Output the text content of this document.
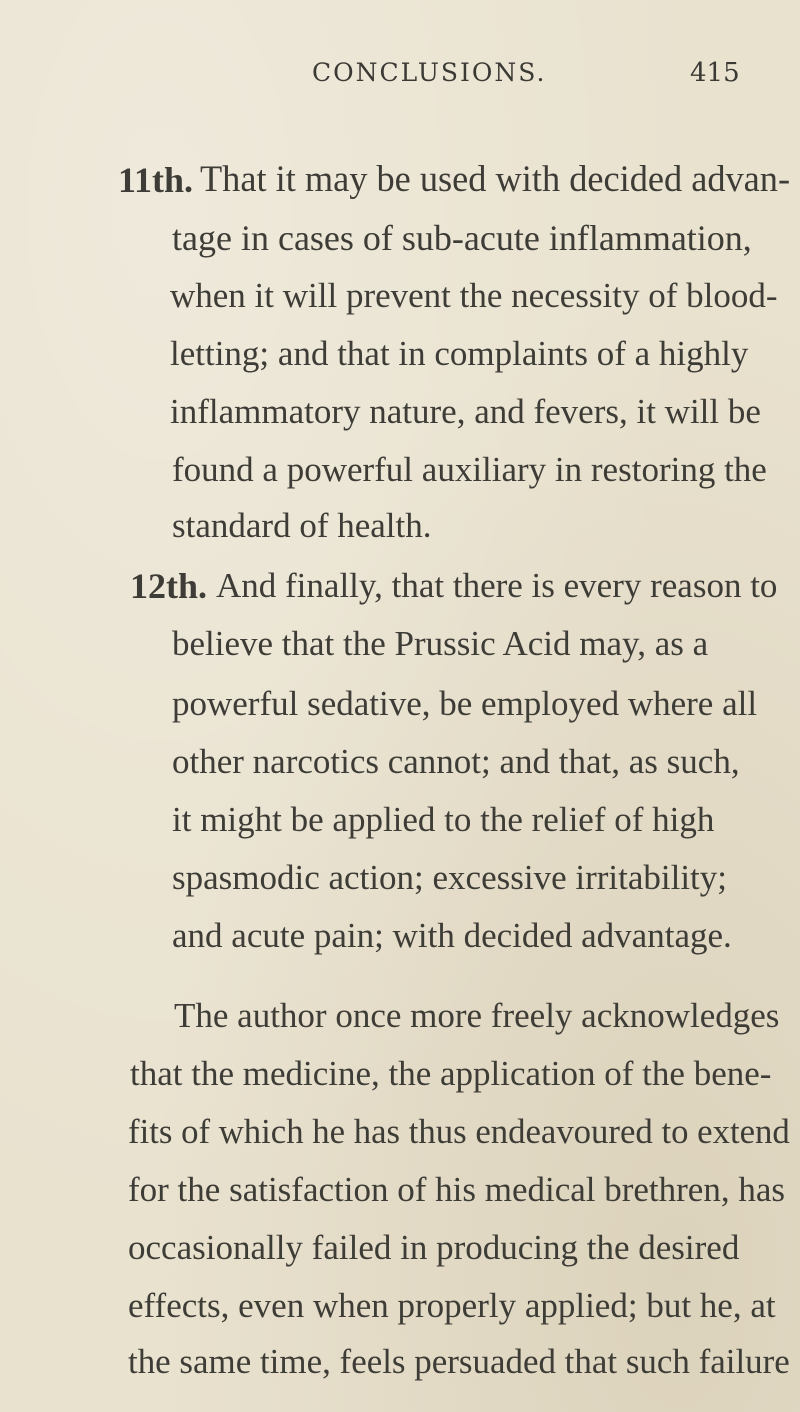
CONCLUSIONS.	415
11th. That it may be used with decided advan-
tage in cases of sub-acute inflammation,
when it will prevent the necessity of blood-
letting; and that in complaints of a highly
inflammatory nature, and fevers, it will be
found a powerful auxiliary in restoring the
standard of health.
12th. And finally, that there is every reason to
believe that the Prussic Acid may, as a
powerful sedative, be employed where all
other narcotics cannot; and that, as such,
it might be applied to the relief of high
spasmodic action; excessive irritability;
and acute pain; with decided advantage.
The author once more freely acknowledges
that the medicine, the application of the bene-
fits of which he has thus endeavoured to extend
for the satisfaction of his medical brethren, has
occasionally failed in producing the desired
effects, even when properly applied; but he, at
the same time, feels persuaded that such failure
